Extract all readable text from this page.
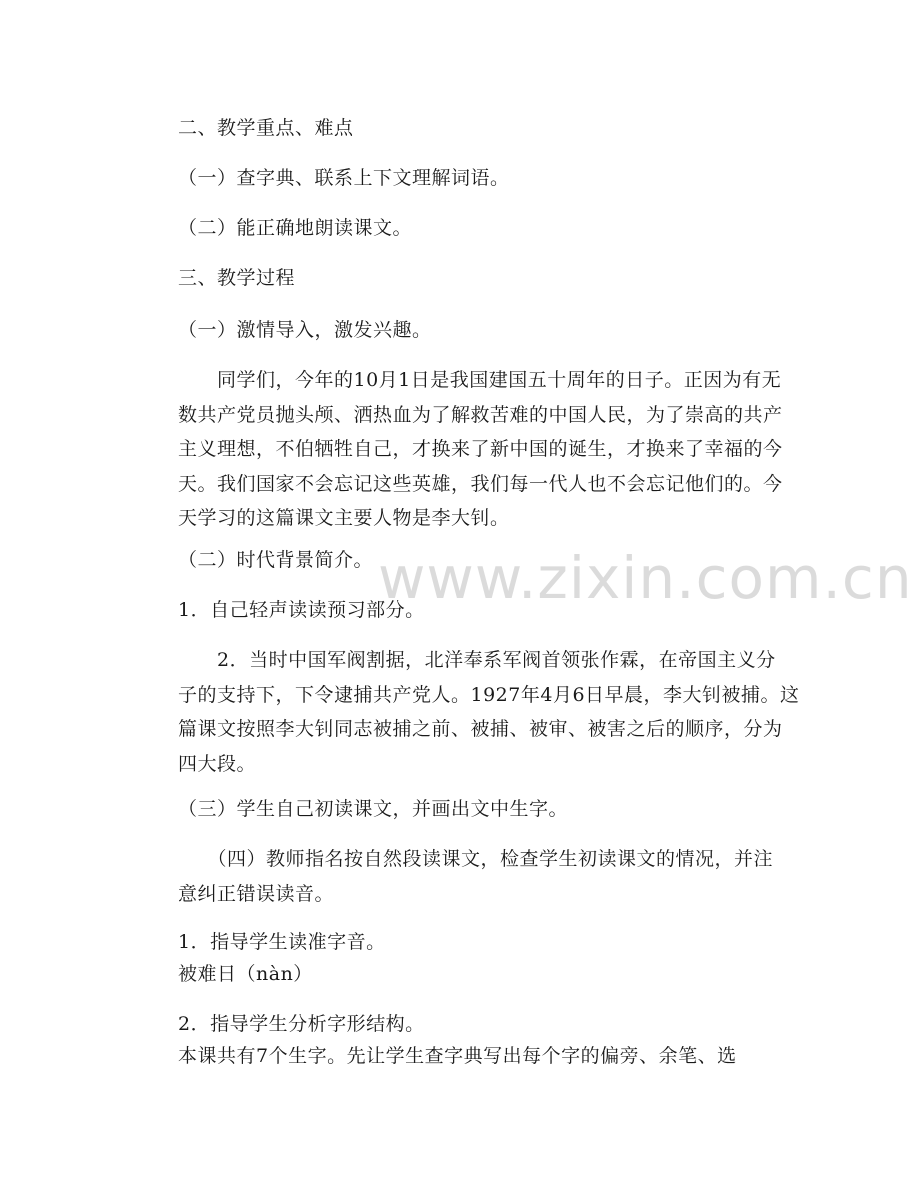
二、教学重点、难点
（一）查字典、联系上下文理解词语。
（二）能正确地朗读课文。
三、教学过程
（一）激情导入，激发兴趣。
　　同学们，今年的10月1日是我国建国五十周年的日子。正因为有无
数共产党员抛头颅、洒热血为了解救苦难的中国人民，为了崇高的共产
主义理想，不伯牺牲自己，才换来了新中国的诞生，才换来了幸福的今
天。我们国家不会忘记这些英雄，我们每一代人也不会忘记他们的。今
天学习的这篇课文主要人物是李大钊。
（二）时代背景简介。
1．自己轻声读读预习部分。
　　2．当时中国军阀割据，北洋奉系军阀首领张作霖，在帝国主义分
子的支持下，下令逮捕共产党人。1927年4月6日早晨，李大钊被捕。这
篇课文按照李大钊同志被捕之前、被捕、被审、被害之后的顺序，分为
四大段。
（三）学生自己初读课文，并画出文中生字。
　　（四）教师指名按自然段读课文，检查学生初读课文的情况，并注
意纠正错误读音。
1．指导学生读准字音。
被难日（nàn）
2．指导学生分析字形结构。
本课共有7个生字。先让学生查字典写出每个字的偏旁、余笔、选
www.zixin.com.cn
